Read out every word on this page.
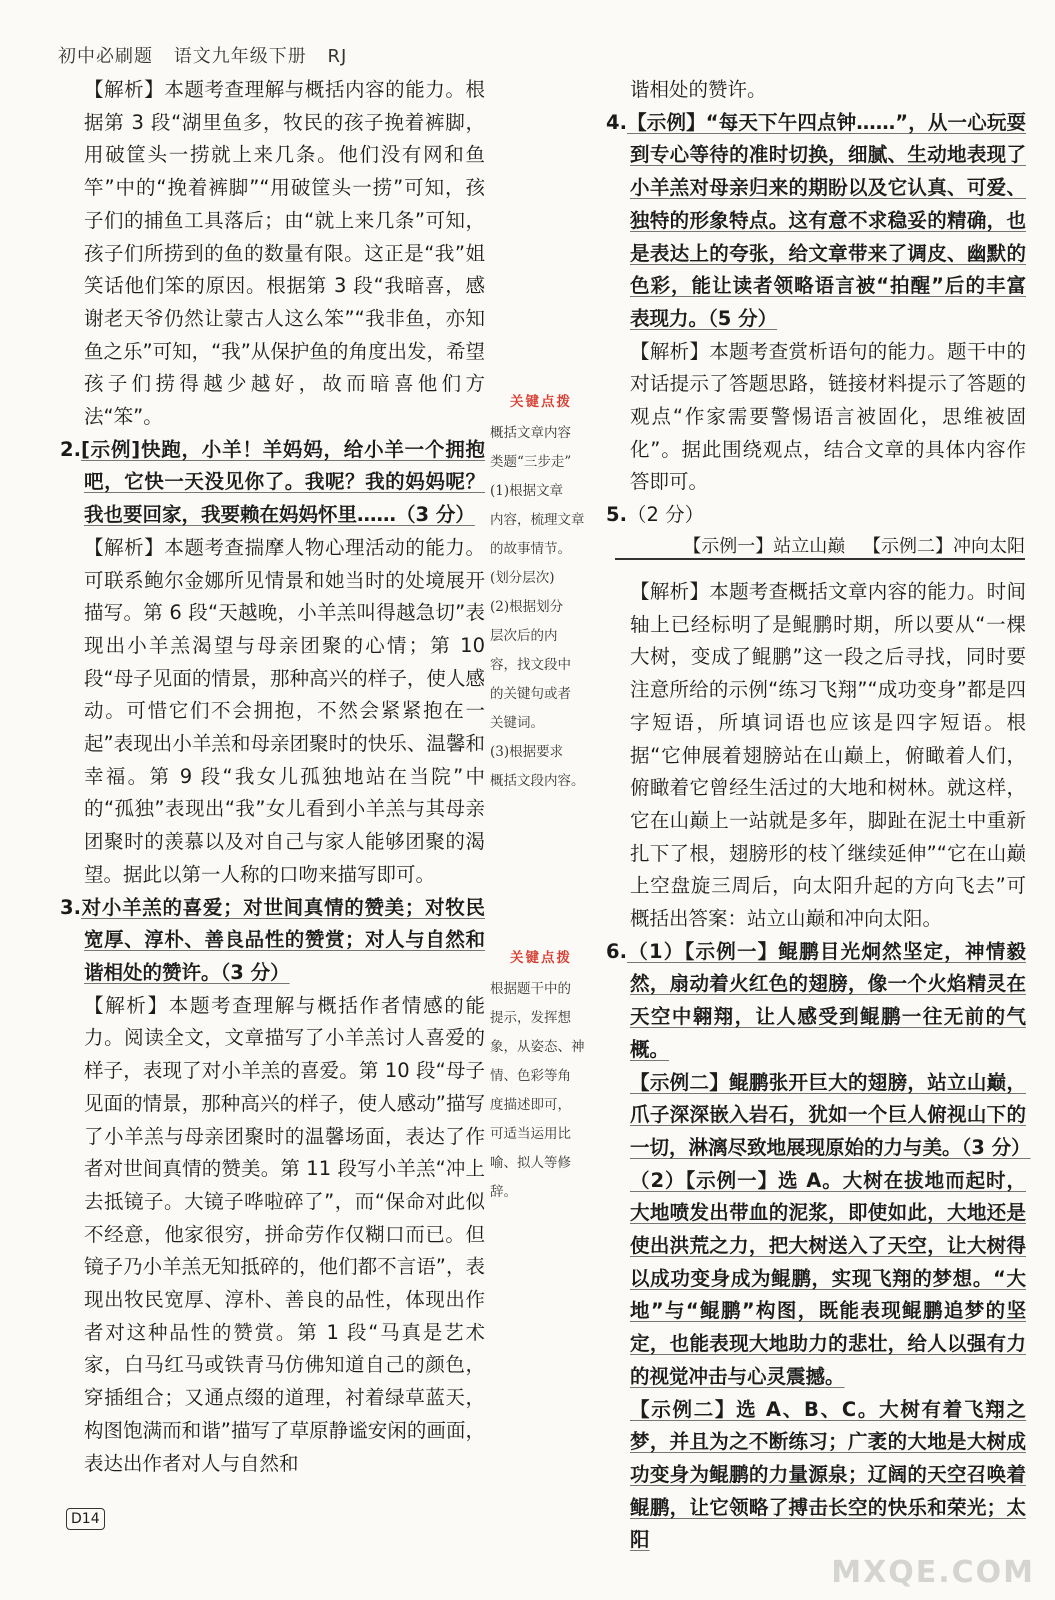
初中必刷题 语文九年级下册 RJ

【解析】本题考查理解与概括内容的能力。根据第 3 段“湖里鱼多，牧民的孩子挽着裤脚，用破筐头一捞就上来几条。他们没有网和鱼竿”中的“挽着裤脚”“用破筐头一捞”可知，孩子们的捕鱼工具落后；由“就上来几条”可知，孩子们所捞到的鱼的数量有限。这正是“我”姐笑话他们笨的原因。根据第 3 段“我暗喜，感谢老天爷仍然让蒙古人这么笨”“我非鱼，亦知鱼之乐”可知，“我”从保护鱼的角度出发，希望孩子们捞得越少越好，故而暗喜他们方法“笨”。

2.[示例]快跑，小羊！羊妈妈，给小羊一个拥抱吧，它快一天没见你了。我呢？我的妈妈呢？我也要回家，我要赖在妈妈怀里……（3 分）

【解析】本题考查揣摩人物心理活动的能力。可联系鲍尔金娜所见情景和她当时的处境展开描写。第 6 段“天越晚，小羊羔叫得越急切”表现出小羊羔渴望与母亲团聚的心情；第 10 段“母子见面的情景，那种高兴的样子，使人感动。可惜它们不会拥抱，不然会紧紧抱在一起”表现出小羊羔和母亲团聚时的快乐、温馨和幸福。第 9 段“我女儿孤独地站在当院”中的“孤独”表现出“我”女儿看到小羊羔与其母亲团聚时的羡慕以及对自己与家人能够团聚的渴望。据此以第一人称的口吻来描写即可。

3.对小羊羔的喜爱；对世间真情的赞美；对牧民宽厚、淳朴、善良品性的赞赏；对人与自然和谐相处的赞许。（3 分）

【解析】本题考查理解与概括作者情感的能力。阅读全文，文章描写了小羊羔讨人喜爱的样子，表现了对小羊羔的喜爱。第 10 段“母子见面的情景，那种高兴的样子，使人感动”描写了小羊羔与母亲团聚时的温馨场面，表达了作者对世间真情的赞美。第 11 段写小羊羔“冲上去抵镜子。大镜子哗啦碎了”，而“保命对此似不经意，他家很穷，拼命劳作仅糊口而已。但镜子乃小羊羔无知抵碎的，他们都不言语”，表现出牧民宽厚、淳朴、善良的品性，体现出作者对这种品性的赞赏。第 1 段“马真是艺术家，白马红马或铁青马仿佛知道自己的颜色，穿插组合；又通点缀的道理，衬着绿草蓝天，构图饱满而和谐”描写了草原静谧安闲的画面，表达出作者对人与自然和

关键点拨
概括文章内容
类题“三步走”
(1)根据文章
内容，梳理文章
的故事情节。
(划分层次)
(2)根据划分
层次后的内
容，找文段中
的关键句或者
关键词。
(3)根据要求
概括文段内容。
关键点拨
根据题干中的
提示，发挥想
象，从姿态、神
情、色彩等角
度描述即可，
可适当运用比
喻、拟人等修
辞。

谐相处的赞许。

4.【示例】“每天下午四点钟……”，从一心玩耍到专心等待的准时切换，细腻、生动地表现了小羊羔对母亲归来的期盼以及它认真、可爱、独特的形象特点。这有意不求稳妥的精确，也是表达上的夸张，给文章带来了调皮、幽默的色彩，能让读者领略语言被“拍醒”后的丰富表现力。（5 分）

【解析】本题考查赏析语句的能力。题干中的对话提示了答题思路，链接材料提示了答题的观点“作家需要警惕语言被固化，思维被固化”。据此围绕观点，结合文章的具体内容作答即可。

5.（2 分）

【示例一】站立山巅 【示例二】冲向太阳

【解析】本题考查概括文章内容的能力。时间轴上已经标明了是鲲鹏时期，所以要从“一棵大树，变成了鲲鹏”这一段之后寻找，同时要注意所给的示例“练习飞翔”“成功变身”都是四字短语，所填词语也应该是四字短语。根据“它伸展着翅膀站在山巅上，俯瞰着人们，俯瞰着它曾经生活过的大地和树林。就这样，它在山巅上一站就是多年，脚趾在泥土中重新扎下了根，翅膀形的枝丫继续延伸”“它在山巅上空盘旋三周后，向太阳升起的方向飞去”可概括出答案：站立山巅和冲向太阳。

6.（1）【示例一】鲲鹏目光炯然坚定，神情毅然，扇动着火红色的翅膀，像一个火焰精灵在天空中翱翔，让人感受到鲲鹏一往无前的气概。

【示例二】鲲鹏张开巨大的翅膀，站立山巅，爪子深深嵌入岩石，犹如一个巨人俯视山下的一切，淋漓尽致地展现原始的力与美。（3 分）

（2）【示例一】选 A。大树在拔地而起时，大地喷发出带血的泥浆，即使如此，大地还是使出洪荒之力，把大树送入了天空，让大树得以成功变身成为鲲鹏，实现飞翔的梦想。“大地”与“鲲鹏”构图，既能表现鲲鹏追梦的坚定，也能表现大地助力的悲壮，给人以强有力的视觉冲击与心灵震撼。

【示例二】选 A、B、C。大树有着飞翔之梦，并且为之不断练习；广袤的大地是大树成功变身为鲲鹏的力量源泉；辽阔的天空召唤着鲲鹏，让它领略了搏击长空的快乐和荣光；太阳

D14
MXQE.COM
